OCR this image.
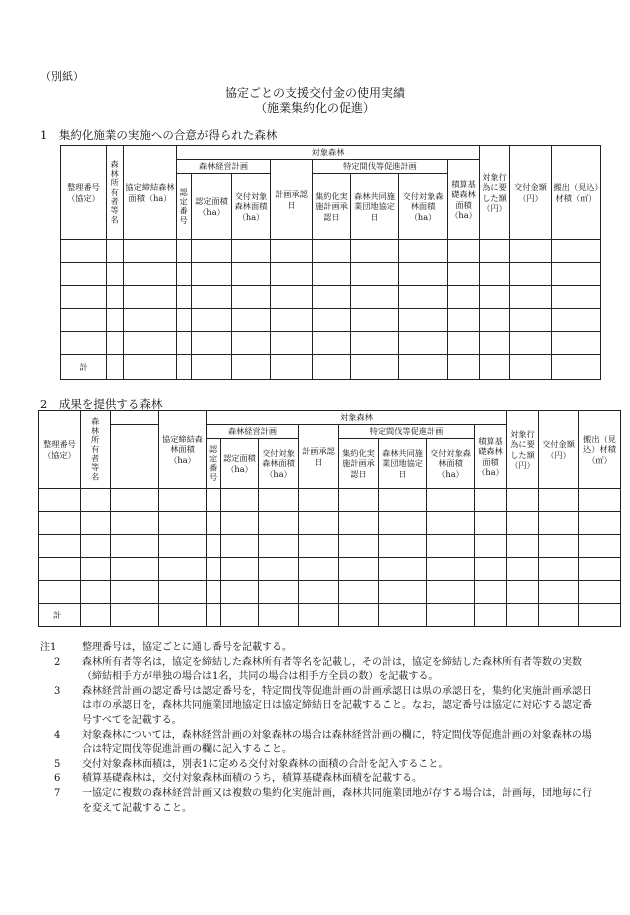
（別紙）
協定ごとの支援交付金の使用実績
（施業集約化の促進）
1　集約化施業の実施への合意が得られた森林
整理番号（協定）	森林所有者等名	協定締結森林面積（ha）	対象森林								対象行為に要した額（円）	交付金額（円）	搬出（見込）材積（㎥）
			森林経営計画			計画承認日	特定間伐等促進計画			積算基礎森林面積（ha）			

			認定番号	認定面積（ha）	交付対象森林面積（ha）		集約化実施計画承認日	森林共同施業団地協定日	交付対象森林面積（ha）				

計													
2　成果を提供する森林
整理番号（協定）	森林所有者等名		協定締結森林面積（ha）	対象森林								対象行為に要した額（円）	交付金額（円）	搬出（見込）材積（㎥）
				森林経営計画			計画承認日	特定間伐等促進計画			積算基礎森林面積（ha）			

				認定番号	認定面積（ha）	交付対象森林面積（ha）		集約化実施計画承認日	森林共同施業団地協定日	交付対象森林面積（ha）				

計														
注1	整理番号は，協定ごとに通し番号を記載する。
2	森林所有者等名は，協定を締結した森林所有者等名を記載し，その計は，協定を締結した森林所有者等数の実数（締結相手方が単独の場合は1名，共同の場合は相手方全員の数）を記載する。
3	森林経営計画の認定番号は認定番号を，特定間伐等促進計画の計画承認日は県の承認日を，集約化実施計画承認日は市の承認日を，森林共同施業団地協定日は協定締結日を記載すること。なお，認定番号は協定に対応する認定番号すべてを記載する。
4	対象森林については，森林経営計画の対象森林の場合は森林経営計画の欄に，特定間伐等促進計画の対象森林の場合は特定間伐等促進計画の欄に記入すること。
5	交付対象森林面積は，別表1に定める交付対象森林の面積の合計を記入すること。
6	積算基礎森林は，交付対象森林面積のうち，積算基礎森林面積を記載する。
7	一協定に複数の森林経営計画又は複数の集約化実施計画，森林共同施業団地が存する場合は，計画毎，団地毎に行を変えて記載すること。
